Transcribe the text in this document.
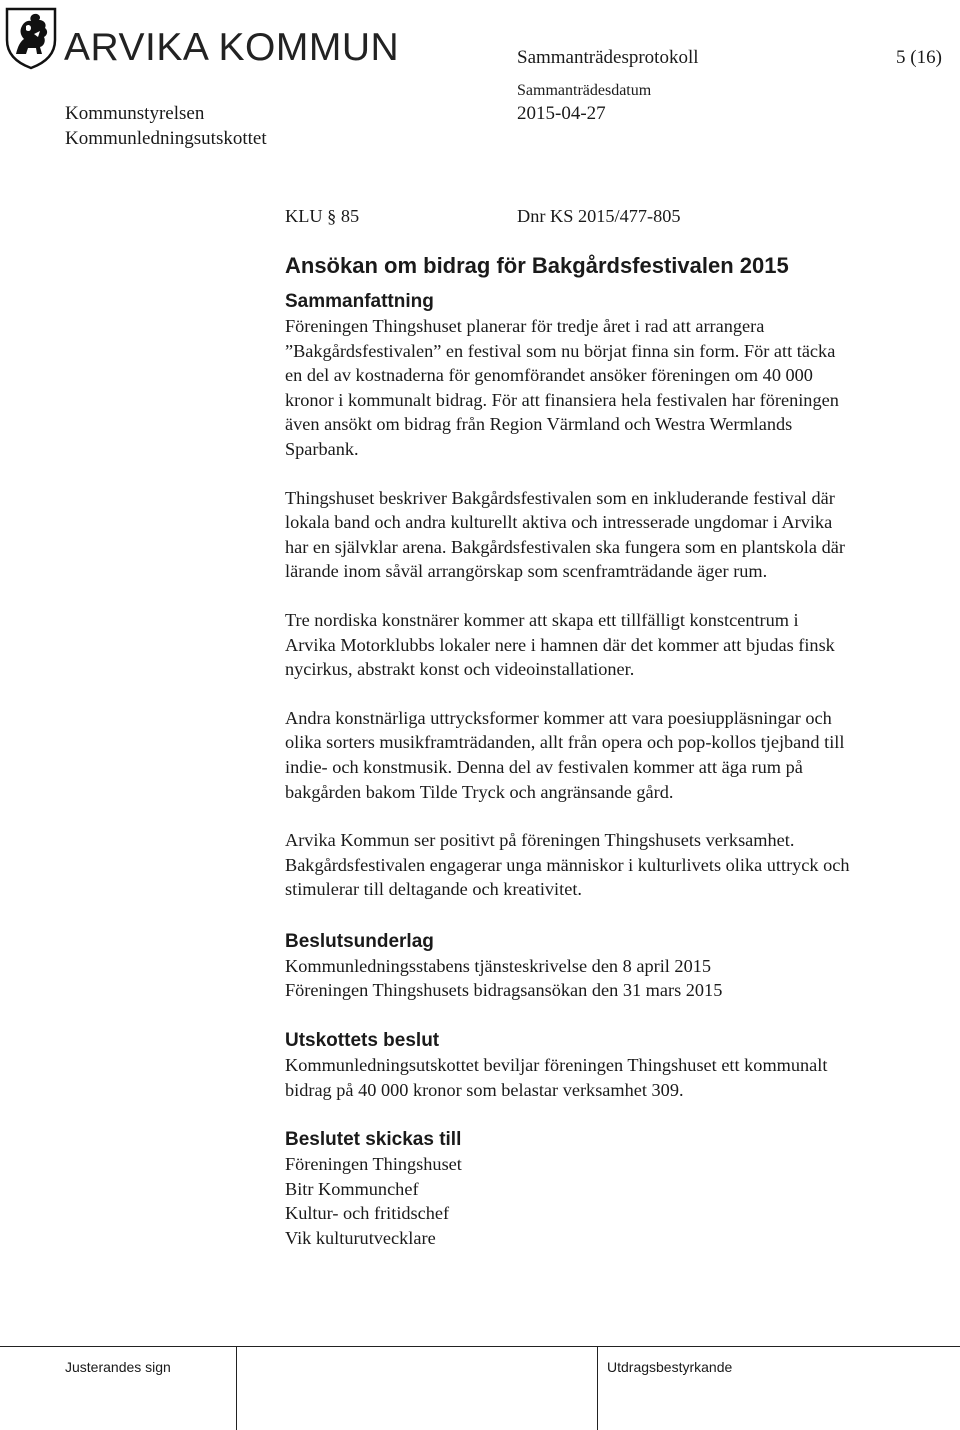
ARVIKA KOMMUN	Sammanträdesprotokoll	5 (16)
Kommunstyrelsen
Sammanträdesdatum
2015-04-27
Kommunledningsutskottet
KLU § 85	Dnr KS 2015/477-805
Ansökan om bidrag för Bakgårdsfestivalen 2015
Sammanfattning
Föreningen Thingshuset planerar för tredje året i rad att arrangera
”Bakgårdsfestivalen” en festival som nu börjat finna sin form. För att täcka
en del av kostnaderna för genomförandet ansöker föreningen om 40 000
kronor i kommunalt bidrag. För att finansiera hela festivalen har föreningen
även ansökt om bidrag från Region Värmland och Westra Wermlands
Sparbank.
Thingshuset beskriver Bakgårdsfestivalen som en inkluderande festival där
lokala band och andra kulturellt aktiva och intresserade ungdomar i Arvika
har en självklar arena. Bakgårdsfestivalen ska fungera som en plantskola där
lärande inom såväl arrangörskap som scenframträdande äger rum.
Tre nordiska konstnärer kommer att skapa ett tillfälligt konstcentrum i
Arvika Motorklubbs lokaler nere i hamnen där det kommer att bjudas finsk
nycirkus, abstrakt konst och videoinstallationer.
Andra konstnärliga uttrycksformer kommer att vara poesiuppläsningar och
olika sorters musikframträdanden, allt från opera och pop-kollos tjejband till
indie- och konstmusik. Denna del av festivalen kommer att äga rum på
bakgården bakom Tilde Tryck och angränsande gård.
Arvika Kommun ser positivt på föreningen Thingshusets verksamhet.
Bakgårdsfestivalen engagerar unga människor i kulturlivets olika uttryck och
stimulerar till deltagande och kreativitet.
Beslutsunderlag
Kommunledningsstabens tjänsteskrivelse den 8 april 2015
Föreningen Thingshusets bidragsansökan den 31 mars 2015
Utskottets beslut
Kommunledningsutskottet beviljar föreningen Thingshuset ett kommunalt
bidrag på 40 000 kronor som belastar verksamhet 309.
Beslutet skickas till
Föreningen Thingshuset
Bitr Kommunchef
Kultur- och fritidschef
Vik kulturutvecklare
Justerandes sign	Utdragsbestyrkande
